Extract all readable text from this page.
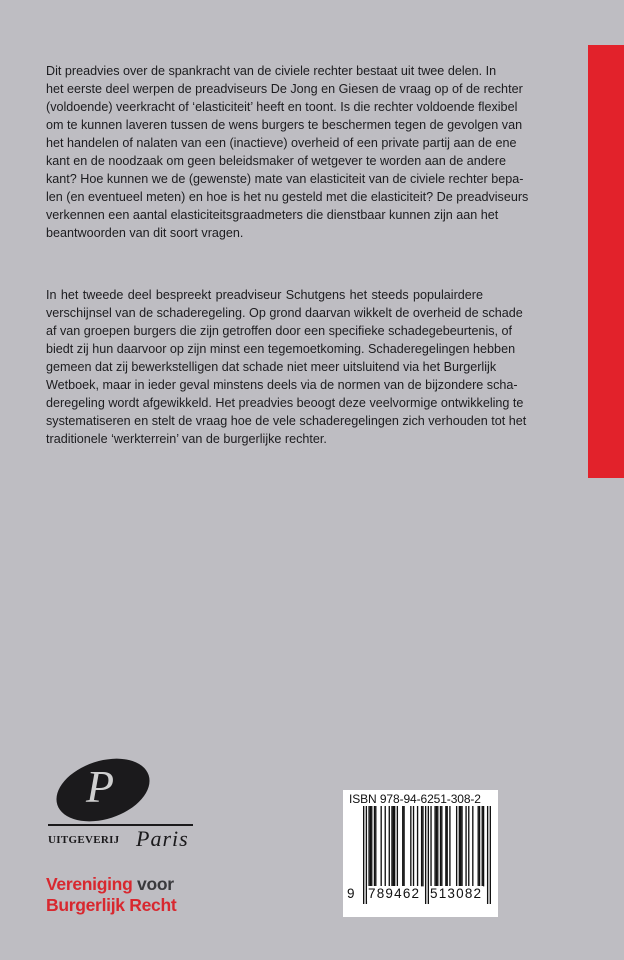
Dit preadvies over de spankracht van de civiele rechter bestaat uit twee delen. In
het eerste deel werpen de preadviseurs De Jong en Giesen de vraag op of de rechter
(voldoende) veerkracht of ‘elasticiteit’ heeft en toont. Is die rechter voldoende flexibel
om te kunnen laveren tussen de wens burgers te beschermen tegen de gevolgen van
het handelen of nalaten van een (inactieve) overheid of een private partij aan de ene
kant en de noodzaak om geen beleidsmaker of wetgever te worden aan de andere
kant? Hoe kunnen we de (gewenste) mate van elasticiteit van de civiele rechter bepa-
len (en eventueel meten) en hoe is het nu gesteld met die elasticiteit? De preadviseurs
verkennen een aantal elasticiteitsgraadmeters die dienstbaar kunnen zijn aan het
beantwoorden van dit soort vragen.
In het tweede deel bespreekt preadviseur Schutgens het steeds populairdere
verschijnsel van de schaderegeling. Op grond daarvan wikkelt de overheid de schade
af van groepen burgers die zijn getroffen door een specifieke schadegebeurtenis, of
biedt zij hun daarvoor op zijn minst een tegemoetkoming. Schaderegelingen hebben
gemeen dat zij bewerkstelligen dat schade niet meer uitsluitend via het Burgerlijk
Wetboek, maar in ieder geval minstens deels via de normen van de bijzondere scha-
deregeling wordt afgewikkeld. Het preadvies beoogt deze veelvormige ontwikkeling te
systematiseren en stelt de vraag hoe de vele schaderegelingen zich verhouden tot het
traditionele ‘werkterrein’ van de burgerlijke rechter.
P
UITGEVERIJ Paris
Vereniging voor
Burgerlijk Recht
ISBN 978-94-6251-308-2
9 789462 513082
